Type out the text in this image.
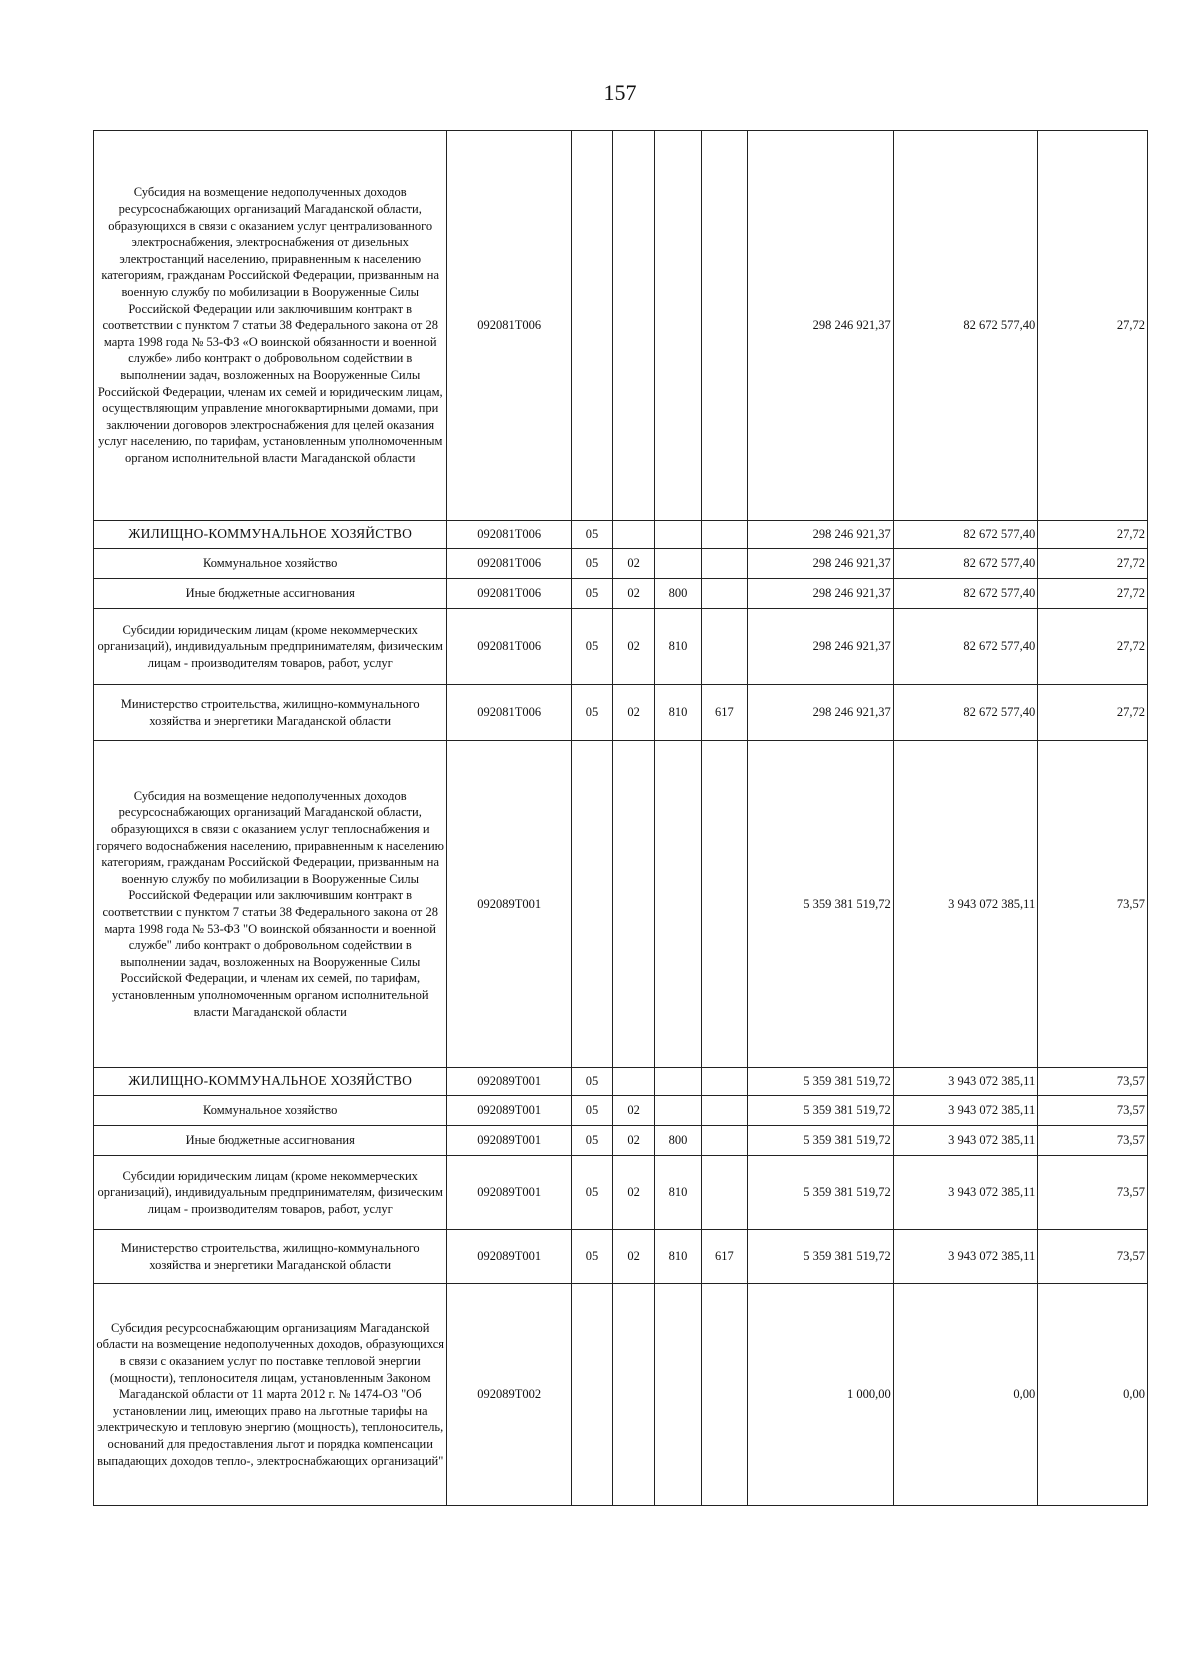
157
Субсидия на возмещение недополученных доходов ресурсоснабжающих организаций Магаданской области, образующихся в связи с оказанием услуг централизованного электроснабжения, электроснабжения от дизельных электростанций населению, приравненным к населению категориям, гражданам Российской Федерации, призванным на военную службу по мобилизации в Вооруженные Силы Российской Федерации или заключившим контракт в соответствии с пунктом 7 статьи 38 Федерального закона от 28 марта 1998 года № 53-ФЗ «О воинской обязанности и военной службе» либо контракт о добровольном содействии в выполнении задач, возложенных на Вооруженные Силы Российской Федерации, членам их семей и юридическим лицам, осуществляющим управление многоквартирными домами, при заключении договоров электроснабжения для целей оказания услуг населению, по тарифам, установленным уполномоченным органом исполнительной власти Магаданской области	092081Т006					298 246 921,37	82 672 577,40	27,72
ЖИЛИЩНО-КОММУНАЛЬНОЕ ХОЗЯЙСТВО	092081Т006	05				298 246 921,37	82 672 577,40	27,72
Коммунальное хозяйство	092081Т006	05	02			298 246 921,37	82 672 577,40	27,72
Иные бюджетные ассигнования	092081Т006	05	02	800		298 246 921,37	82 672 577,40	27,72
Субсидии юридическим лицам (кроме некоммерческих организаций), индивидуальным предпринимателям, физическим лицам - производителям товаров, работ, услуг	092081Т006	05	02	810		298 246 921,37	82 672 577,40	27,72
Министерство строительства, жилищно-коммунального хозяйства и энергетики Магаданской области	092081Т006	05	02	810	617	298 246 921,37	82 672 577,40	27,72
Субсидия на возмещение недополученных доходов ресурсоснабжающих организаций Магаданской области, образующихся в связи с оказанием услуг теплоснабжения и горячего водоснабжения населению, приравненным к населению категориям, гражданам Российской Федерации, призванным на военную службу по мобилизации в Вооруженные Силы Российской Федерации или заключившим контракт в соответствии с пунктом 7 статьи 38 Федерального закона от 28 марта 1998 года № 53-ФЗ "О воинской обязанности и военной службе" либо контракт о добровольном содействии в выполнении задач, возложенных на Вооруженные Силы Российской Федерации, и членам их семей, по тарифам, установленным уполномоченным органом исполнительной власти Магаданской области	092089Т001					5 359 381 519,72	3 943 072 385,11	73,57
ЖИЛИЩНО-КОММУНАЛЬНОЕ ХОЗЯЙСТВО	092089Т001	05				5 359 381 519,72	3 943 072 385,11	73,57
Коммунальное хозяйство	092089Т001	05	02			5 359 381 519,72	3 943 072 385,11	73,57
Иные бюджетные ассигнования	092089Т001	05	02	800		5 359 381 519,72	3 943 072 385,11	73,57
Субсидии юридическим лицам (кроме некоммерческих организаций), индивидуальным предпринимателям, физическим лицам - производителям товаров, работ, услуг	092089Т001	05	02	810		5 359 381 519,72	3 943 072 385,11	73,57
Министерство строительства, жилищно-коммунального хозяйства и энергетики Магаданской области	092089Т001	05	02	810	617	5 359 381 519,72	3 943 072 385,11	73,57
Субсидия ресурсоснабжающим организациям Магаданской области на возмещение недополученных доходов, образующихся в связи с оказанием услуг по поставке тепловой энергии (мощности), теплоносителя лицам, установленным Законом Магаданской области от 11 марта 2012 г. № 1474-ОЗ "Об установлении лиц, имеющих право на льготные тарифы на электрическую и тепловую энергию (мощность), теплоноситель, оснований для предоставления льгот и порядка компенсации выпадающих доходов тепло-, электроснабжающих организаций"	092089Т002					1 000,00	0,00	0,00
